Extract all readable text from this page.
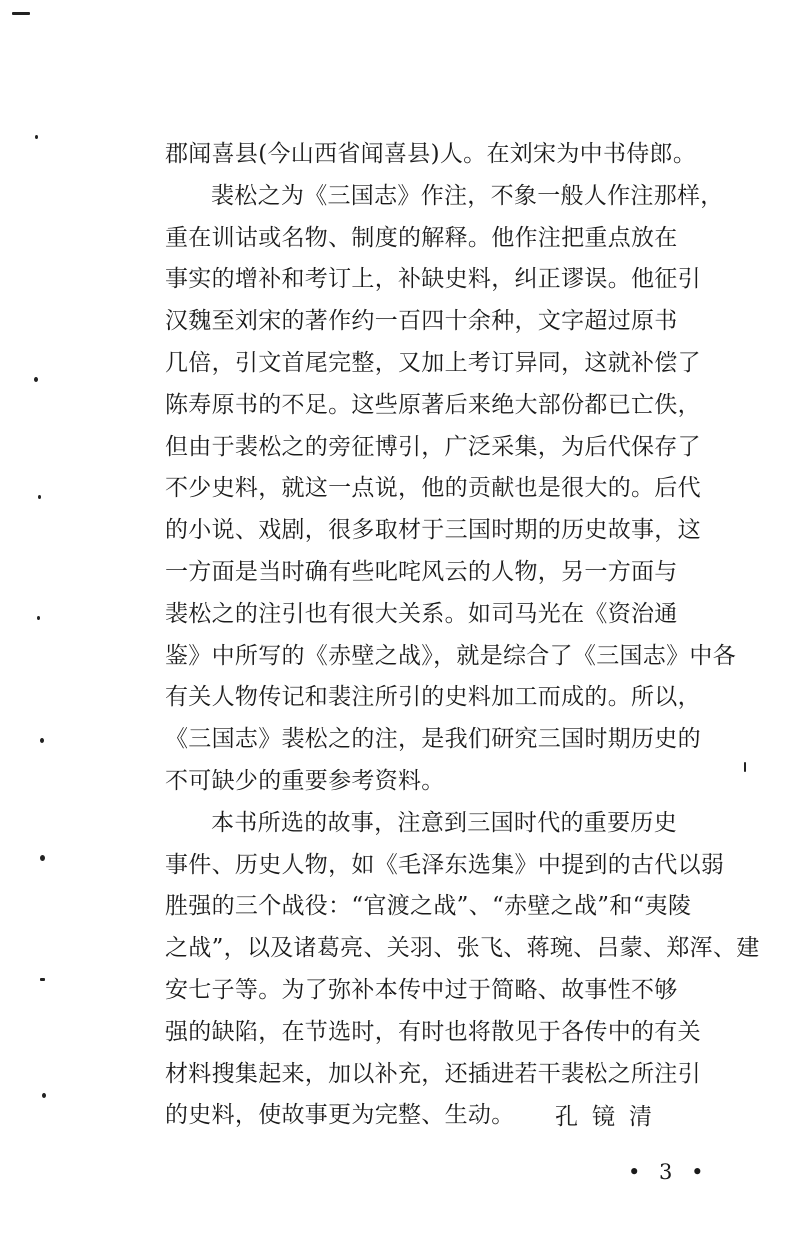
郡闻喜县(今山西省闻喜县)人。在刘宋为中书侍郎。
裴松之为《三国志》作注，不象一般人作注那样，
重在训诂或名物、制度的解释。他作注把重点放在
事实的增补和考订上，补缺史料，纠正谬误。他征引
汉魏至刘宋的著作约一百四十余种，文字超过原书
几倍，引文首尾完整，又加上考订异同，这就补偿了
陈寿原书的不足。这些原著后来绝大部份都已亡佚，
但由于裴松之的旁征博引，广泛采集，为后代保存了
不少史料，就这一点说，他的贡献也是很大的。后代
的小说、戏剧，很多取材于三国时期的历史故事，这
一方面是当时确有些叱咤风云的人物，另一方面与
裴松之的注引也有很大关系。如司马光在《资治通
鉴》中所写的《赤壁之战》，就是综合了《三国志》中各
有关人物传记和裴注所引的史料加工而成的。所以，
《三国志》裴松之的注，是我们研究三国时期历史的
不可缺少的重要参考资料。
本书所选的故事，注意到三国时代的重要历史
事件、历史人物，如《毛泽东选集》中提到的古代以弱
胜强的三个战役：“官渡之战”、“赤壁之战”和“夷陵
之战”，以及诸葛亮、关羽、张飞、蒋琬、吕蒙、郑浑、建
安七子等。为了弥补本传中过于简略、故事性不够
强的缺陷，在节选时，有时也将散见于各传中的有关
材料搜集起来，加以补充，还插进若干裴松之所注引
的史料，使故事更为完整、生动。	孔镜清
• 3 •
